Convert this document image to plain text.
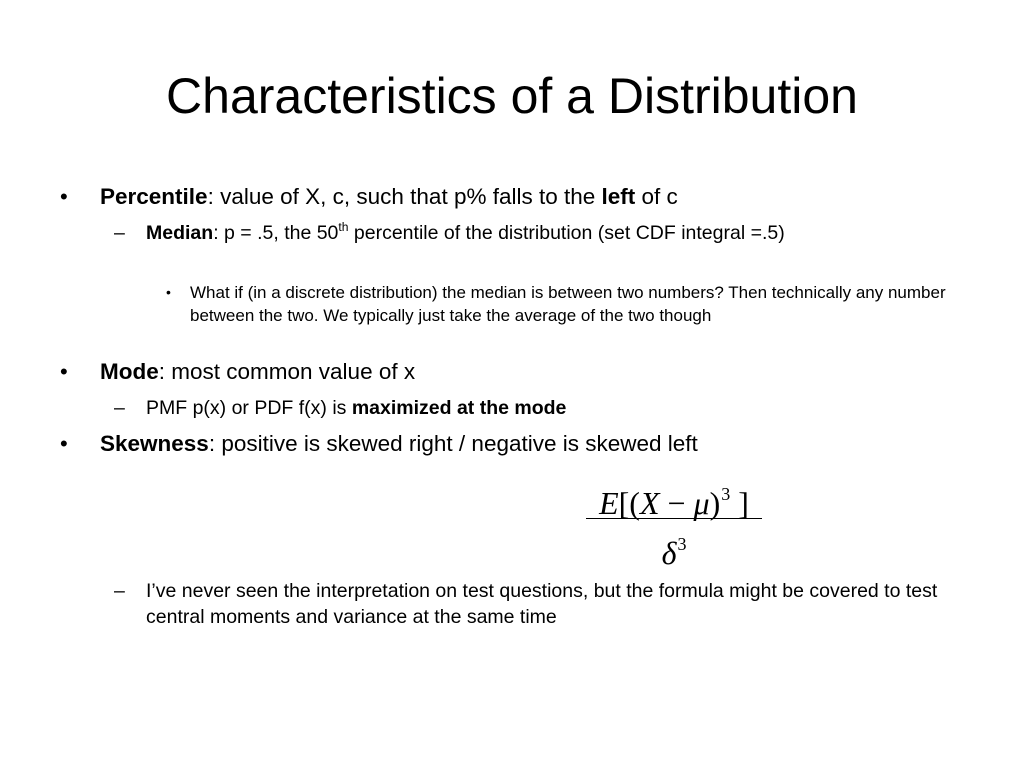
Characteristics of a Distribution
•	Percentile: value of X, c, such that p% falls to the left of c
–	Median: p = .5, the 50th percentile of the distribution (set CDF integral =.5)
•	What if (in a discrete distribution) the median is between two numbers? Then technically any number between the two. We typically just take the average of the two though
•	Mode: most common value of x
–	PMF p(x) or PDF f(x) is maximized at the mode
•	Skewness: positive is skewed right / negative is skewed left
$E[(X - \mu)^3$ ]
$\delta^3$
–	I’ve never seen the interpretation on test questions, but the formula might be covered to test central moments and variance at the same time
